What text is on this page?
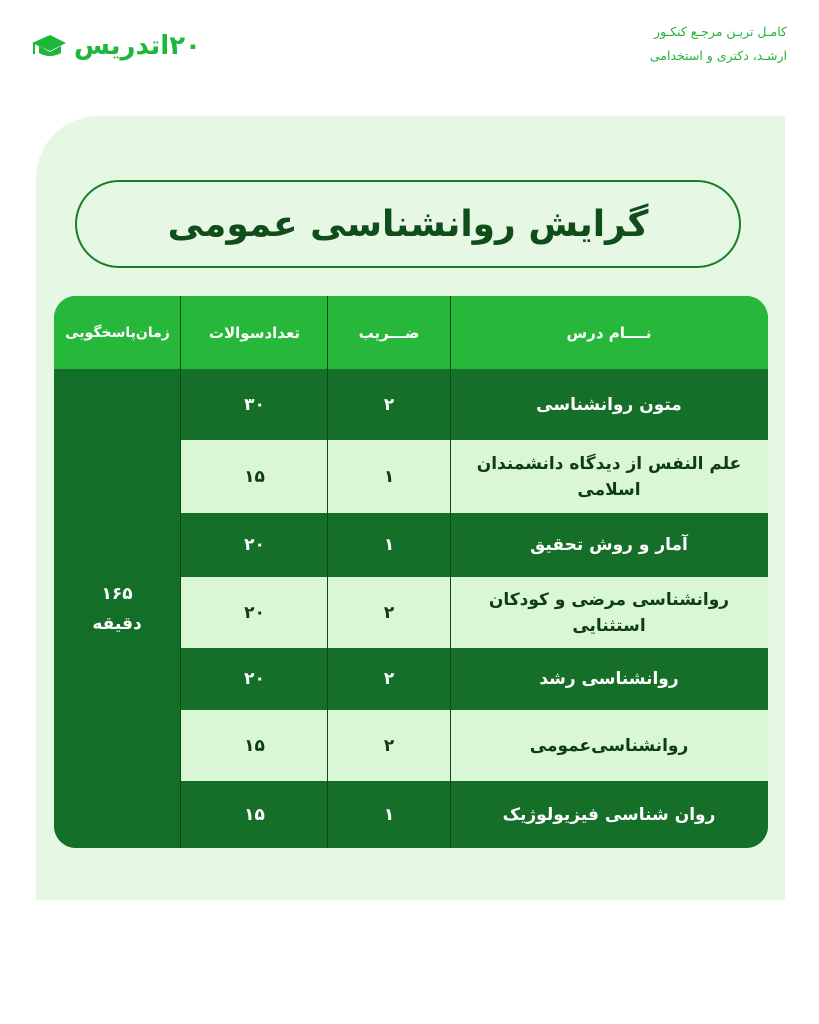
۲۰اتدریس	کامـل تریـن مرجـع کنکـور
ارشـد، دکتری و استخدامی
گرایش روانشناسی عمومی
نــــام درس
ضـــریب
تعدادسوالات
زمان‌پاسخگویی
متون روانشناسی
۲
۳۰
علم النفس از دیدگاه دانشمندان اسلامی
۱
۱۵
آمار و روش تحقیق
۱
۲۰
روانشناسی مرضی و کودکان استثنایی
۲
۲۰
روانشناسی رشد
۲
۲۰
روانشناسی‌عمومی
۲
۱۵
روان شناسی فیزیولوژیک
۱
۱۵
۱۶۵
دقیقه
